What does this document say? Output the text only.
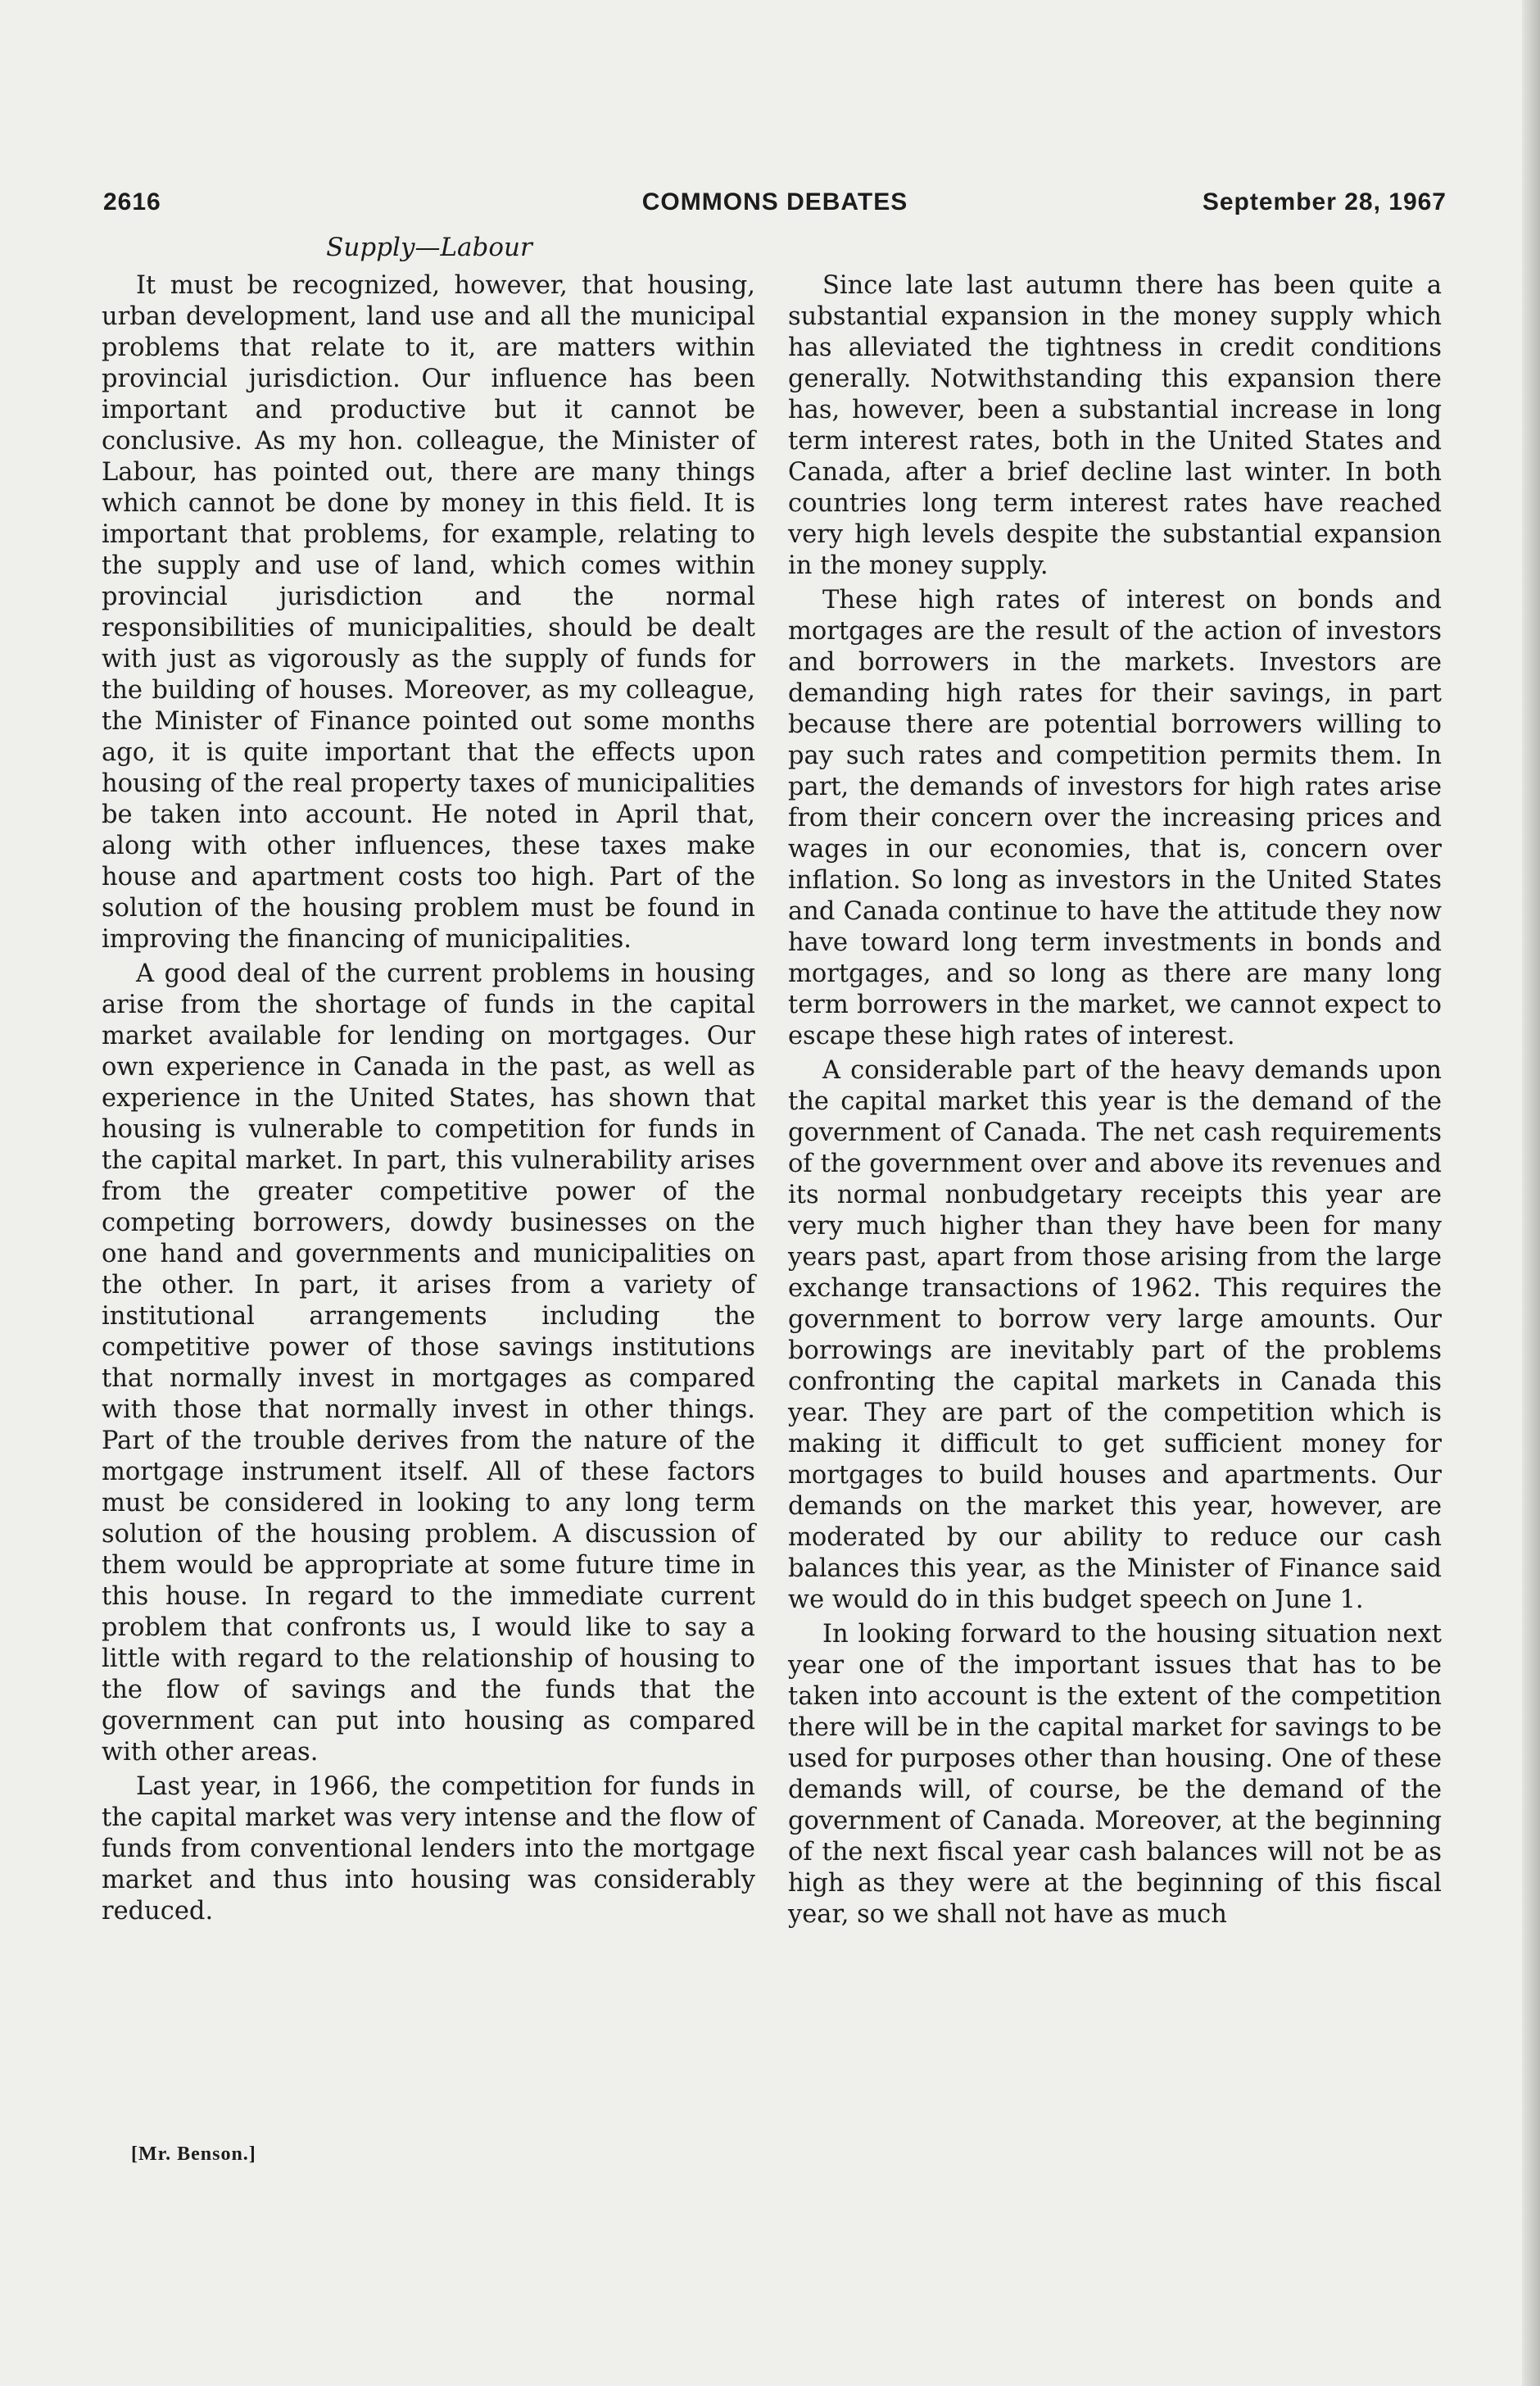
2616	COMMONS DEBATES	September 28, 1967
Supply—Labour

It must be recognized, however, that housing, urban development, land use and all the municipal problems that relate to it, are matters within provincial jurisdiction. Our influence has been important and productive but it cannot be conclusive. As my hon. colleague, the Minister of Labour, has pointed out, there are many things which cannot be done by money in this field. It is important that problems, for example, relating to the supply and use of land, which comes within provincial jurisdiction and the normal responsibilities of municipalities, should be dealt with just as vigorously as the supply of funds for the building of houses. Moreover, as my colleague, the Minister of Finance pointed out some months ago, it is quite important that the effects upon housing of the real property taxes of municipalities be taken into account. He noted in April that, along with other influences, these taxes make house and apartment costs too high. Part of the solution of the housing problem must be found in improving the financing of municipalities.

A good deal of the current problems in housing arise from the shortage of funds in the capital market available for lending on mortgages. Our own experience in Canada in the past, as well as experience in the United States, has shown that housing is vulnerable to competition for funds in the capital market. In part, this vulnerability arises from the greater competitive power of the competing borrowers, dowdy businesses on the one hand and governments and municipalities on the other. In part, it arises from a variety of institutional arrangements including the competitive power of those savings institutions that normally invest in mortgages as compared with those that normally invest in other things. Part of the trouble derives from the nature of the mortgage instrument itself. All of these factors must be considered in looking to any long term solution of the housing problem. A discussion of them would be appropriate at some future time in this house. In regard to the immediate current problem that confronts us, I would like to say a little with regard to the relationship of housing to the flow of savings and the funds that the government can put into housing as compared with other areas.

Last year, in 1966, the competition for funds in the capital market was very intense and the flow of funds from conventional lenders into the mortgage market and thus into housing was considerably reduced.

[Mr. Benson.]

Since late last autumn there has been quite a substantial expansion in the money supply which has alleviated the tightness in credit conditions generally. Notwithstanding this expansion there has, however, been a substantial increase in long term interest rates, both in the United States and Canada, after a brief decline last winter. In both countries long term interest rates have reached very high levels despite the substantial expansion in the money supply.

These high rates of interest on bonds and mortgages are the result of the action of investors and borrowers in the markets. Investors are demanding high rates for their savings, in part because there are potential borrowers willing to pay such rates and competition permits them. In part, the demands of investors for high rates arise from their concern over the increasing prices and wages in our economies, that is, concern over inflation. So long as investors in the United States and Canada continue to have the attitude they now have toward long term investments in bonds and mortgages, and so long as there are many long term borrowers in the market, we cannot expect to escape these high rates of interest.

A considerable part of the heavy demands upon the capital market this year is the demand of the government of Canada. The net cash requirements of the government over and above its revenues and its normal nonbudgetary receipts this year are very much higher than they have been for many years past, apart from those arising from the large exchange transactions of 1962. This requires the government to borrow very large amounts. Our borrowings are inevitably part of the problems confronting the capital markets in Canada this year. They are part of the competition which is making it difficult to get sufficient money for mortgages to build houses and apartments. Our demands on the market this year, however, are moderated by our ability to reduce our cash balances this year, as the Minister of Finance said we would do in this budget speech on June 1.

In looking forward to the housing situation next year one of the important issues that has to be taken into account is the extent of the competition there will be in the capital market for savings to be used for purposes other than housing. One of these demands will, of course, be the demand of the government of Canada. Moreover, at the beginning of the next fiscal year cash balances will not be as high as they were at the beginning of this fiscal year, so we shall not have as much
